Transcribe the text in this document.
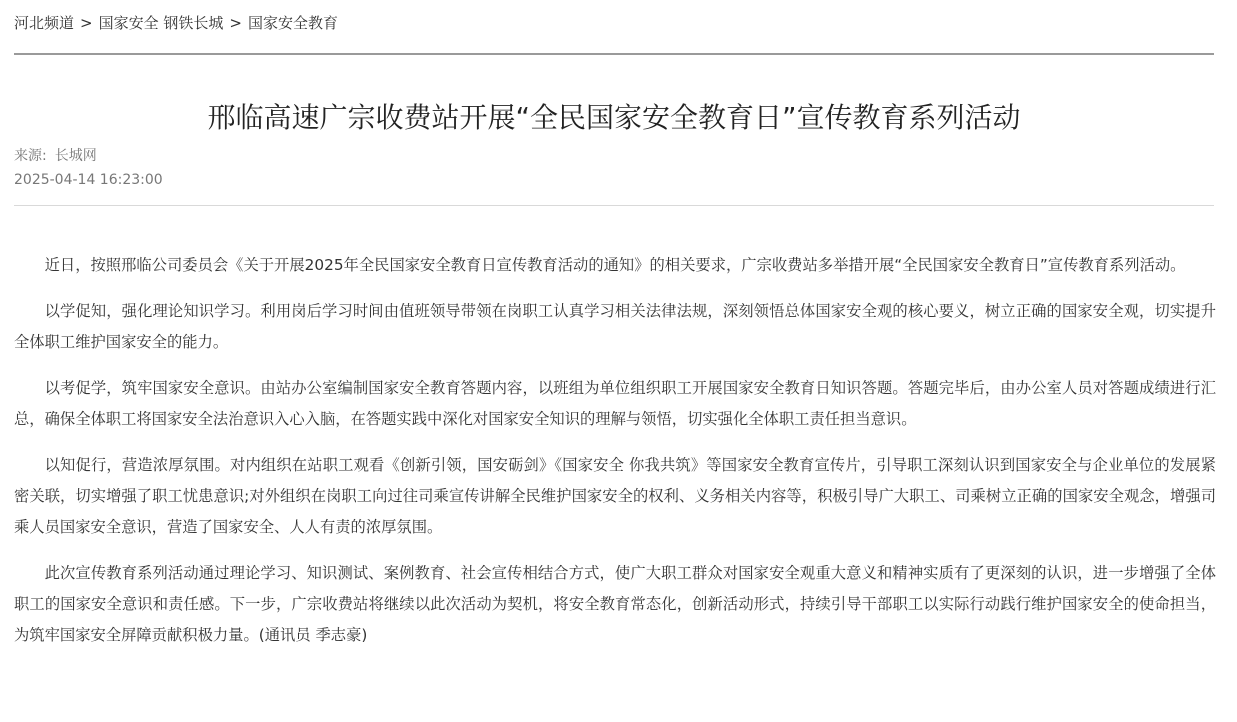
河北频道 > 国家安全 钢铁长城 > 国家安全教育
邢临高速广宗收费站开展“全民国家安全教育日”宣传教育系列活动
来源: 长城网
2025-04-14 16:23:00

近日，按照邢临公司委员会《关于开展2025年全民国家安全教育日宣传教育活动的通知》的相关要求，广宗收费站多举措开展“全民国家安全教育日”宣传教育系列活动。

以学促知，强化理论知识学习。利用岗后学习时间由值班领导带领在岗职工认真学习相关法律法规，深刻领悟总体国家安全观的核心要义，树立正确的国家安全观，切实提升全体职工维护国家安全的能力。

以考促学，筑牢国家安全意识。由站办公室编制国家安全教育答题内容，以班组为单位组织职工开展国家安全教育日知识答题。答题完毕后，由办公室人员对答题成绩进行汇总，确保全体职工将国家安全法治意识入心入脑，在答题实践中深化对国家安全知识的理解与领悟，切实强化全体职工责任担当意识。

以知促行，营造浓厚氛围。对内组织在站职工观看《创新引领，国安砺剑》《国家安全 你我共筑》等国家安全教育宣传片，引导职工深刻认识到国家安全与企业单位的发展紧密关联，切实增强了职工忧患意识;对外组织在岗职工向过往司乘宣传讲解全民维护国家安全的权利、义务相关内容等，积极引导广大职工、司乘树立正确的国家安全观念，增强司乘人员国家安全意识，营造了国家安全、人人有责的浓厚氛围。

此次宣传教育系列活动通过理论学习、知识测试、案例教育、社会宣传相结合方式，使广大职工群众对国家安全观重大意义和精神实质有了更深刻的认识，进一步增强了全体职工的国家安全意识和责任感。下一步，广宗收费站将继续以此次活动为契机，将安全教育常态化，创新活动形式，持续引导干部职工以实际行动践行维护国家安全的使命担当，为筑牢国家安全屏障贡献积极力量。(通讯员 季志豪)
